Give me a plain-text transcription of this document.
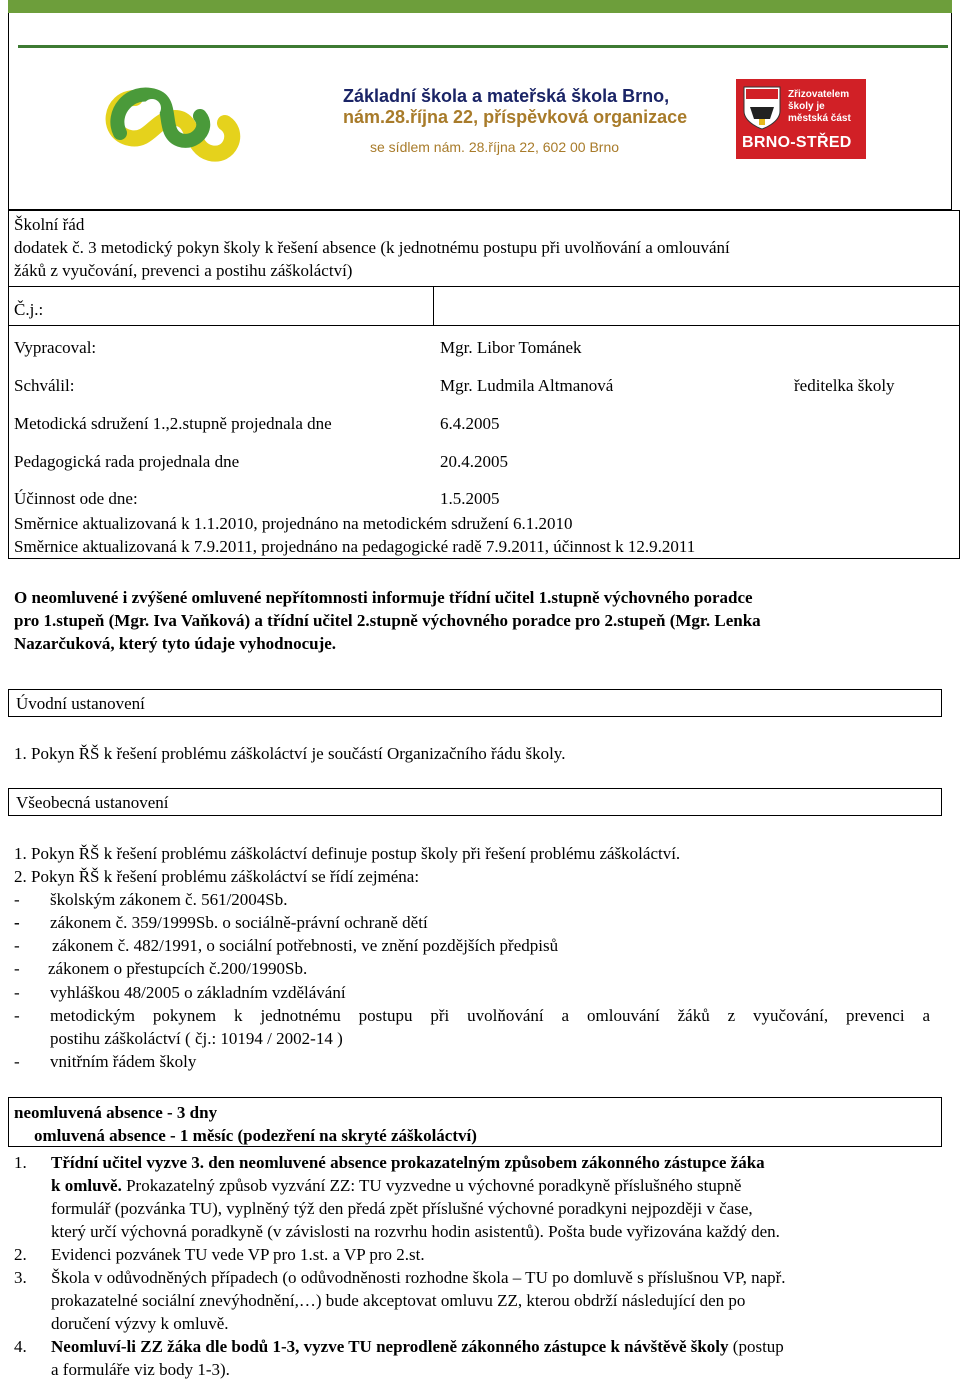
Základní škola a mateřská škola Brno,
nám.28.října 22, příspěvková organizace
se sídlem nám. 28.října 22, 602 00 Brno
Zřizovatelem
školy je
městská část
BRNO-STŘED
Školní řád
dodatek č. 3 metodický pokyn školy k řešení absence (k jednotnému postupu při uvolňování a omlouvání
žáků z vyučování, prevenci a postihu záškoláctví)
Č.j.:
Vypracoval:	Mgr. Libor Tománek
Schválil:	Mgr. Ludmila Altmanová	ředitelka školy
Metodická sdružení 1.,2.stupně projednala dne	6.4.2005
Pedagogická rada projednala dne	20.4.2005
Účinnost ode dne:	1.5.2005
Směrnice aktualizovaná k 1.1.2010, projednáno na metodickém sdružení 6.1.2010
Směrnice aktualizovaná k 7.9.2011, projednáno na pedagogické radě 7.9.2011, účinnost k 12.9.2011
O neomluvené i zvýšené omluvené nepřítomnosti informuje třídní učitel 1.stupně výchovného poradce
pro 1.stupeň (Mgr. Iva Vaňková) a třídní učitel 2.stupně výchovného poradce pro 2.stupeň (Mgr. Lenka
Nazarčuková, který tyto údaje vyhodnocuje.
Úvodní ustanovení
1. Pokyn ŘŠ k řešení problému záškoláctví je součástí Organizačního řádu školy.
Všeobecná ustanovení
1. Pokyn ŘŠ k řešení problému záškoláctví definuje postup školy při řešení problému záškoláctví.
2. Pokyn ŘŠ k řešení problému záškoláctví se řídí zejména:
- školským zákonem č. 561/2004Sb.
- zákonem č. 359/1999Sb. o sociálně-právní ochraně dětí
- zákonem č. 482/1991, o sociální potřebnosti, ve znění pozdějších předpisů
- zákonem o přestupcích č.200/1990Sb.
- vyhláškou 48/2005 o základním vzdělávání
- metodickým pokynem k jednotnému postupu při uvolňování a omlouvání žáků z vyučování, prevenci a
postihu záškoláctví ( čj.: 10194 / 2002-14 )
- vnitřním řádem školy
neomluvená absence - 3 dny
omluvená absence - 1 měsíc (podezření na skryté záškoláctví)
1. Třídní učitel vyzve 3. den neomluvené absence prokazatelným způsobem zákonného zástupce žáka
k omluvě. Prokazatelný způsob vyzvání ZZ: TU vyzvedne u výchovné poradkyně příslušného stupně
formulář (pozvánka TU), vyplněný týž den předá zpět příslušné výchovné poradkyni nejpozději v čase,
který určí výchovná poradkyně (v závislosti na rozvrhu hodin asistentů). Pošta bude vyřizována každý den.
2. Evidenci pozvánek TU vede VP pro 1.st. a VP pro 2.st.
3. Škola v odůvodněných případech (o odůvodněnosti rozhodne škola – TU po domluvě s příslušnou VP, např.
prokazatelné sociální znevýhodnění,…) bude akceptovat omluvu ZZ, kterou obdrží následující den po
doručení výzvy k omluvě.
4. Neomluví-li ZZ žáka dle bodů 1-3, vyzve TU neprodleně zákonného zástupce k návštěvě školy (postup
a formuláře viz body 1-3).
